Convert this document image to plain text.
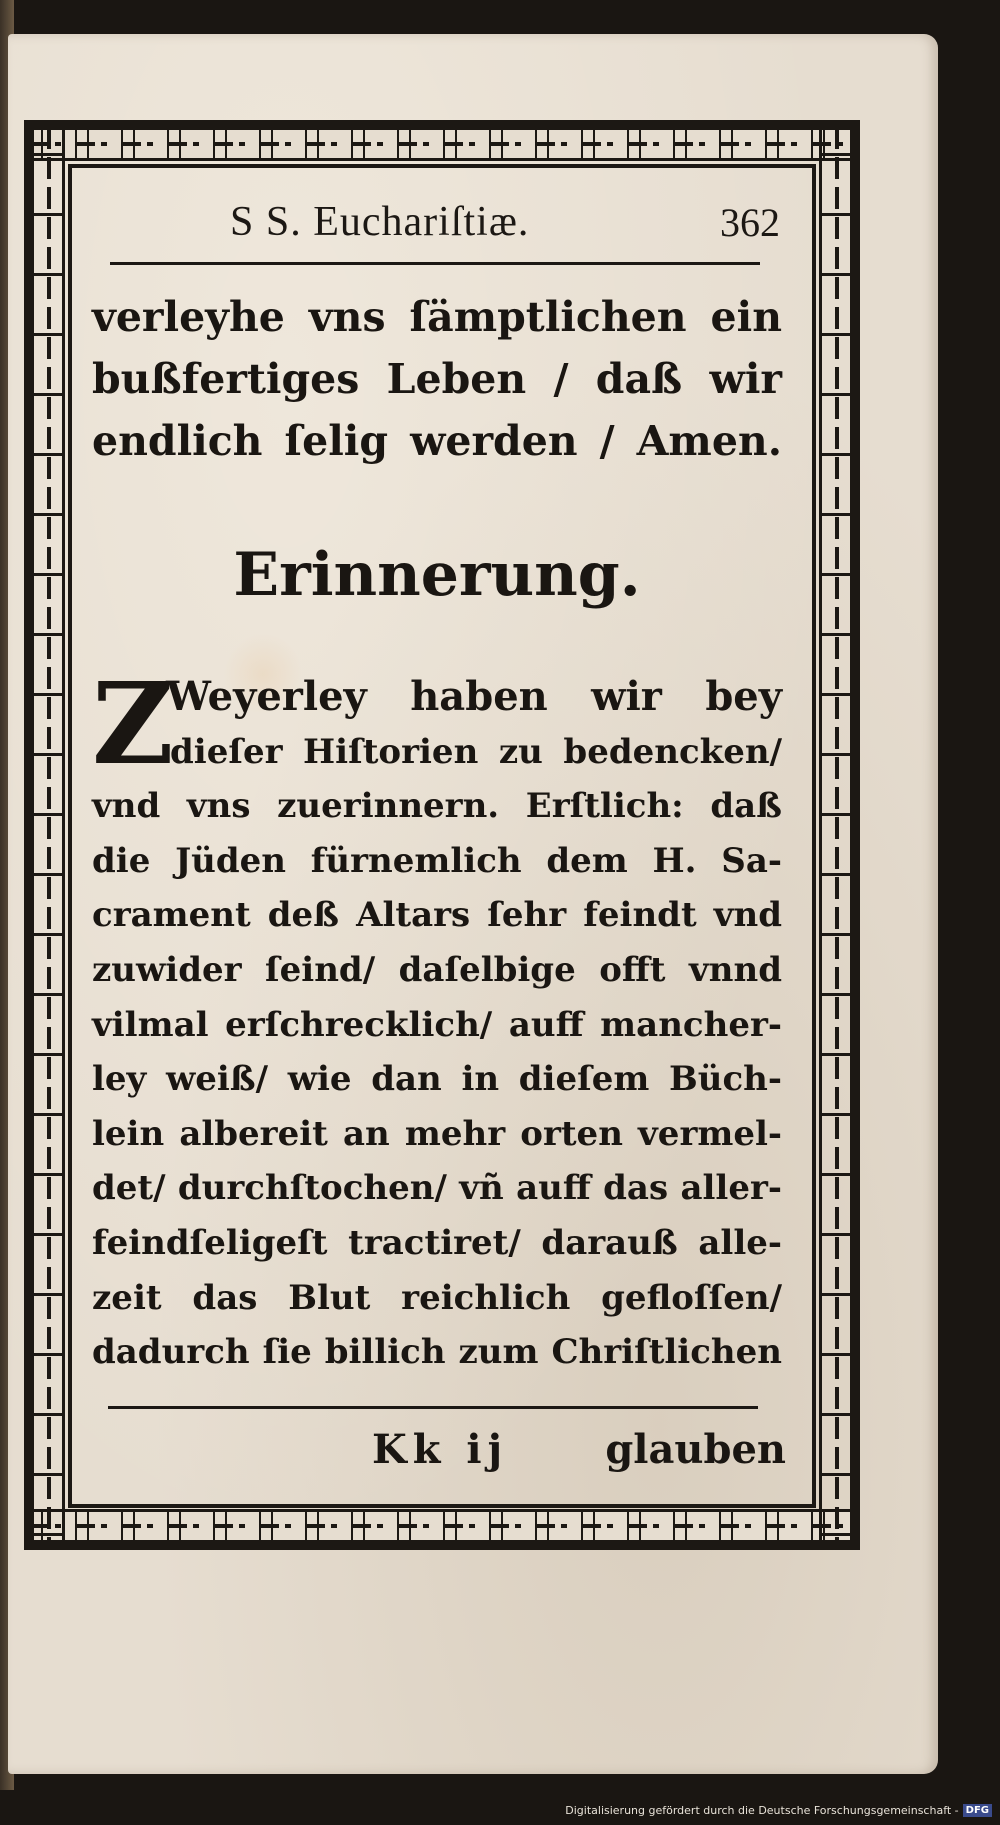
S S. Euchariſtiæ.	362
verleyhe vns ſämptlichen ein
bußfertiges Leben / daß wir
endlich ſelig werden / Amen.
Erinnerung.
Z
Weyerley haben wir bey
dieſer Hiſtorien zu bedencken/
vnd vns zuerinnern. Erſtlich: daß
die Jüden fürnemlich dem H. Sa-
crament deß Altars ſehr feindt vnd
zuwider ſeind/ daſelbige offt vnnd
vilmal erſchrecklich/ auff mancher-
ley weiß/ wie dan in dieſem Büch-
lein albereit an mehr orten vermel-
det/ durchſtochen/ vñ auff das aller-
feindſeligeſt tractiret/ darauß alle-
zeit das Blut reichlich gefloſſen/
dadurch ſie billich zum Chriſtlichen
Kk ij glauben
Digitalisierung gefördert durch die Deutsche Forschungsgemeinschaft - DFG
